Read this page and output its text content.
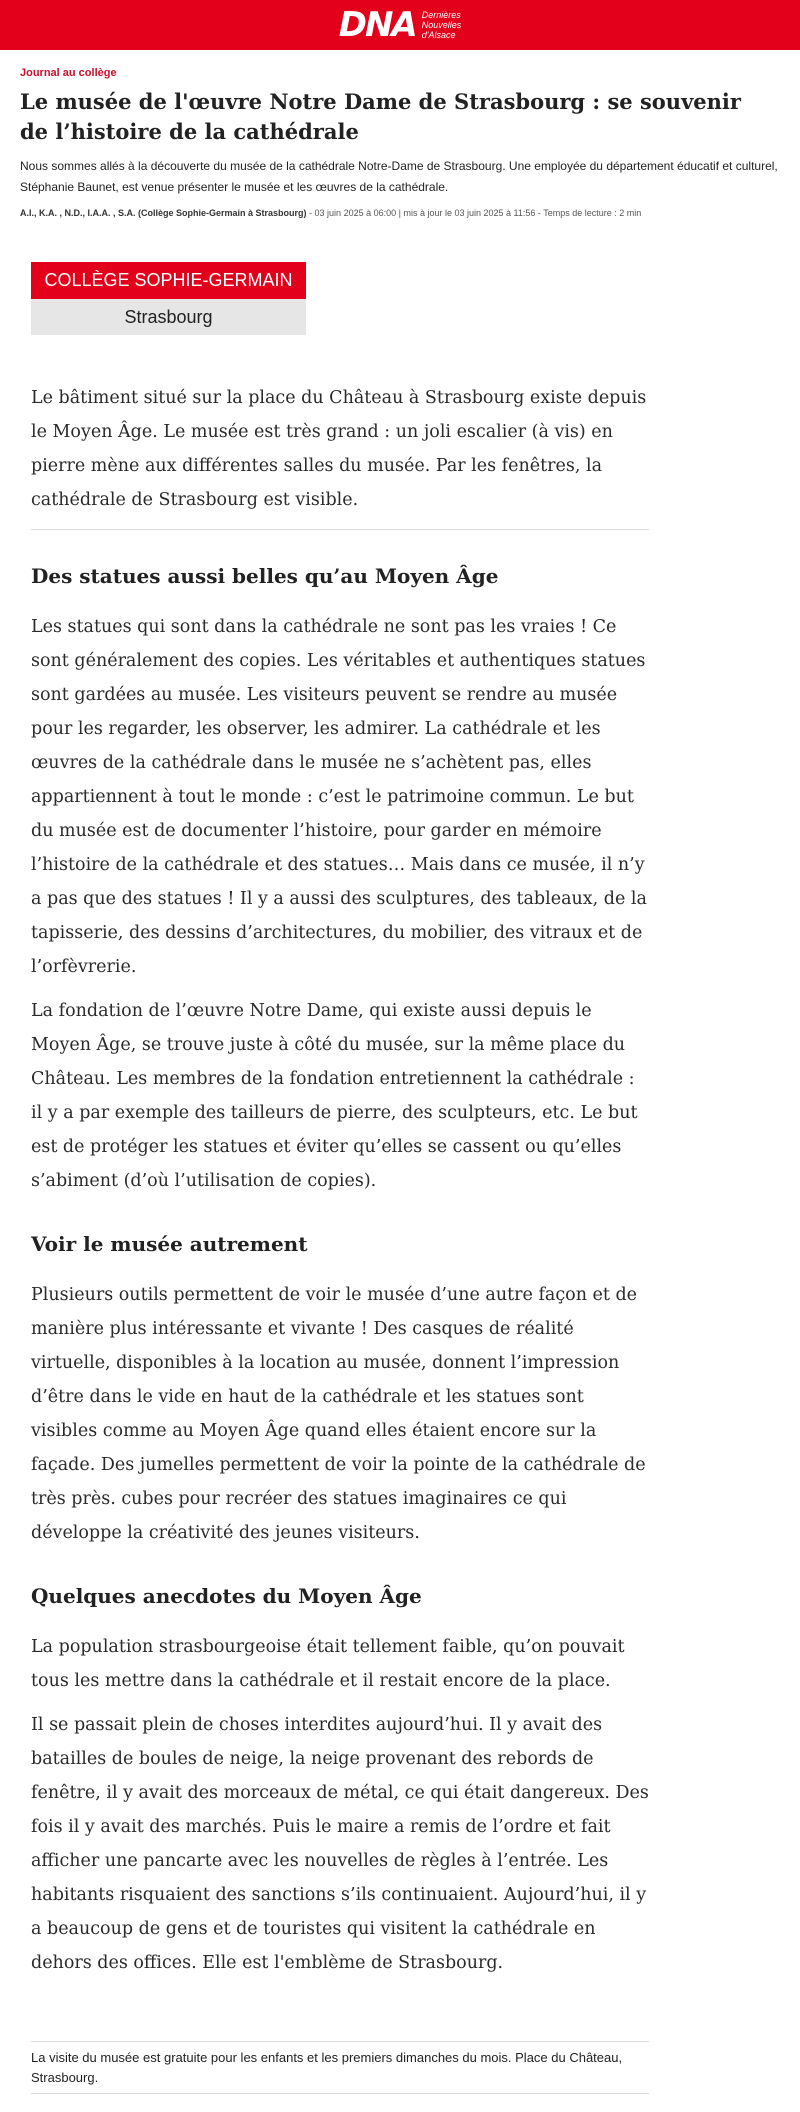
DNA Dernières
Nouvelles
d'Alsace
Journal au collège
Le musée de l'œuvre Notre Dame de Strasbourg : se souvenir de l’histoire de la cathédrale

Nous sommes allés à la découverte du musée de la cathédrale Notre-Dame de Strasbourg. Une employée du département éducatif et culturel, Stéphanie Baunet, est venue présenter le musée et les œuvres de la cathédrale.

A.I., K.A. , N.D., I.A.A. , S.A. (Collège Sophie-Germain à Strasbourg) - 03 juin 2025 à 06:00 | mis à jour le 03 juin 2025 à 11:56 - Temps de lecture : 2 min
COLLÈGE SOPHIE-GERMAIN
Strasbourg

Le bâtiment situé sur la place du Château à Strasbourg existe depuis le Moyen Âge. Le musée est très grand : un joli escalier (à vis) en pierre mène aux différentes salles du musée. Par les fenêtres, la cathédrale de Strasbourg est visible.

Des statues aussi belles qu’au Moyen Âge

Les statues qui sont dans la cathédrale ne sont pas les vraies ! Ce sont généralement des copies. Les véritables et authentiques statues sont gardées au musée. Les visiteurs peuvent se rendre au musée pour les regarder, les observer, les admirer. La cathédrale et les œuvres de la cathédrale dans le musée ne s’achètent pas, elles appartiennent à tout le monde : c’est le patrimoine commun. Le but du musée est de documenter l’histoire, pour garder en mémoire l’histoire de la cathédrale et des statues… Mais dans ce musée, il n’y a pas que des statues ! Il y a aussi des sculptures, des tableaux, de la tapisserie, des dessins d’architectures, du mobilier, des vitraux et de l’orfèvrerie.

La fondation de l’œuvre Notre Dame, qui existe aussi depuis le Moyen Âge, se trouve juste à côté du musée, sur la même place du Château. Les membres de la fondation entretiennent la cathédrale : il y a par exemple des tailleurs de pierre, des sculpteurs, etc. Le but est de protéger les statues et éviter qu’elles se cassent ou qu’elles s’abiment (d’où l’utilisation de copies).

Voir le musée autrement

Plusieurs outils permettent de voir le musée d’une autre façon et de manière plus intéressante et vivante ! Des casques de réalité virtuelle, disponibles à la location au musée, donnent l’impression d’être dans le vide en haut de la cathédrale et les statues sont visibles comme au Moyen Âge quand elles étaient encore sur la façade. Des jumelles permettent de voir la pointe de la cathédrale de très près. cubes pour recréer des statues imaginaires ce qui développe la créativité des jeunes visiteurs.

Quelques anecdotes du Moyen Âge

La population strasbourgeoise était tellement faible, qu’on pouvait tous les mettre dans la cathédrale et il restait encore de la place.

Il se passait plein de choses interdites aujourd’hui. Il y avait des batailles de boules de neige, la neige provenant des rebords de fenêtre, il y avait des morceaux de métal, ce qui était dangereux. Des fois il y avait des marchés. Puis le maire a remis de l’ordre et fait afficher une pancarte avec les nouvelles de règles à l’entrée. Les habitants risquaient des sanctions s’ils continuaient. Aujourd’hui, il y a beaucoup de gens et de touristes qui visitent la cathédrale en dehors des offices. Elle est l'emblème de Strasbourg.

La visite du musée est gratuite pour les enfants et les premiers dimanches du mois. Place du Château, Strasbourg.
